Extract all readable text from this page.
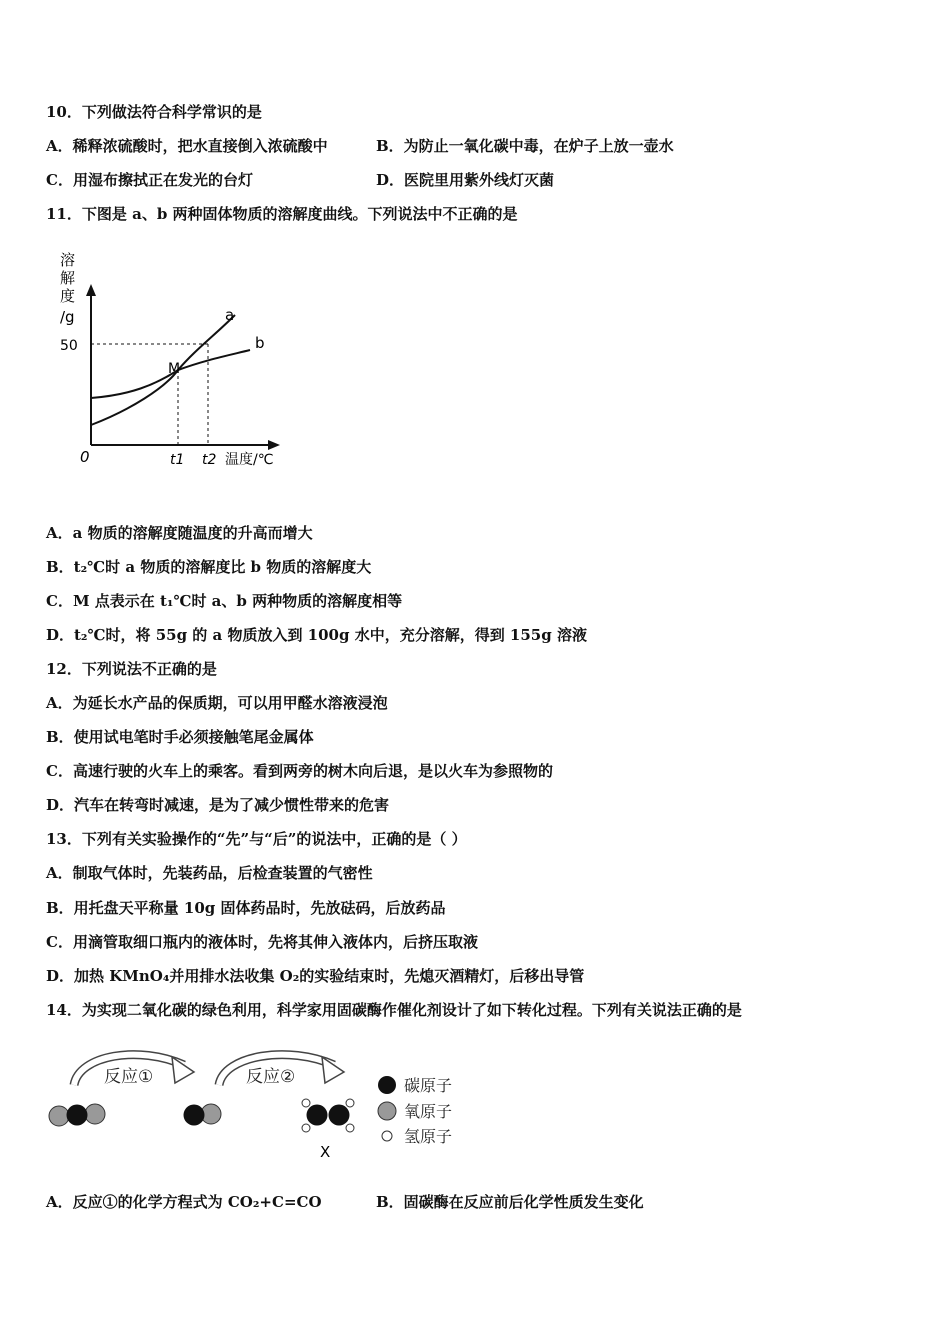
10．下列做法符合科学常识的是
A．稀释浓硫酸时，把水直接倒入浓硫酸中	B．为防止一氧化碳中毒，在炉子上放一壶水
C．用湿布擦拭正在发光的台灯	D．医院里用紫外线灯灭菌
11．下图是 a、b 两种固体物质的溶解度曲线。下列说法中不正确的是
溶
解
度
/g
50
0
M
a
b
t1 t2 温度/℃
A．a 物质的溶解度随温度的升高而增大
B．t₂℃时 a 物质的溶解度比 b 物质的溶解度大
C．M 点表示在 t₁℃时 a、b 两种物质的溶解度相等
D．t₂℃时，将 55g 的 a 物质放入到 100g 水中，充分溶解，得到 155g 溶液
12．下列说法不正确的是
A．为延长水产品的保质期，可以用甲醛水溶液浸泡
B．使用试电笔时手必须接触笔尾金属体
C．高速行驶的火车上的乘客。看到两旁的树木向后退，是以火车为参照物的
D．汽车在转弯时减速，是为了减少惯性带来的危害
13．下列有关实验操作的“先”与“后”的说法中，正确的是（ ）
A．制取气体时，先装药品，后检查装置的气密性
B．用托盘天平称量 10g 固体药品时，先放砝码，后放药品
C．用滴管取细口瓶内的液体时，先将其伸入液体内，后挤压取液
D．加热 KMnO₄并用排水法收集 O₂的实验结束时，先熄灭酒精灯，后移出导管
14．为实现二氧化碳的绿色利用，科学家用固碳酶作催化剂设计了如下转化过程。下列有关说法正确的是
反应①	反应②
X
碳原子
氧原子
氢原子
A．反应①的化学方程式为 CO₂+C=CO	B．固碳酶在反应前后化学性质发生变化
